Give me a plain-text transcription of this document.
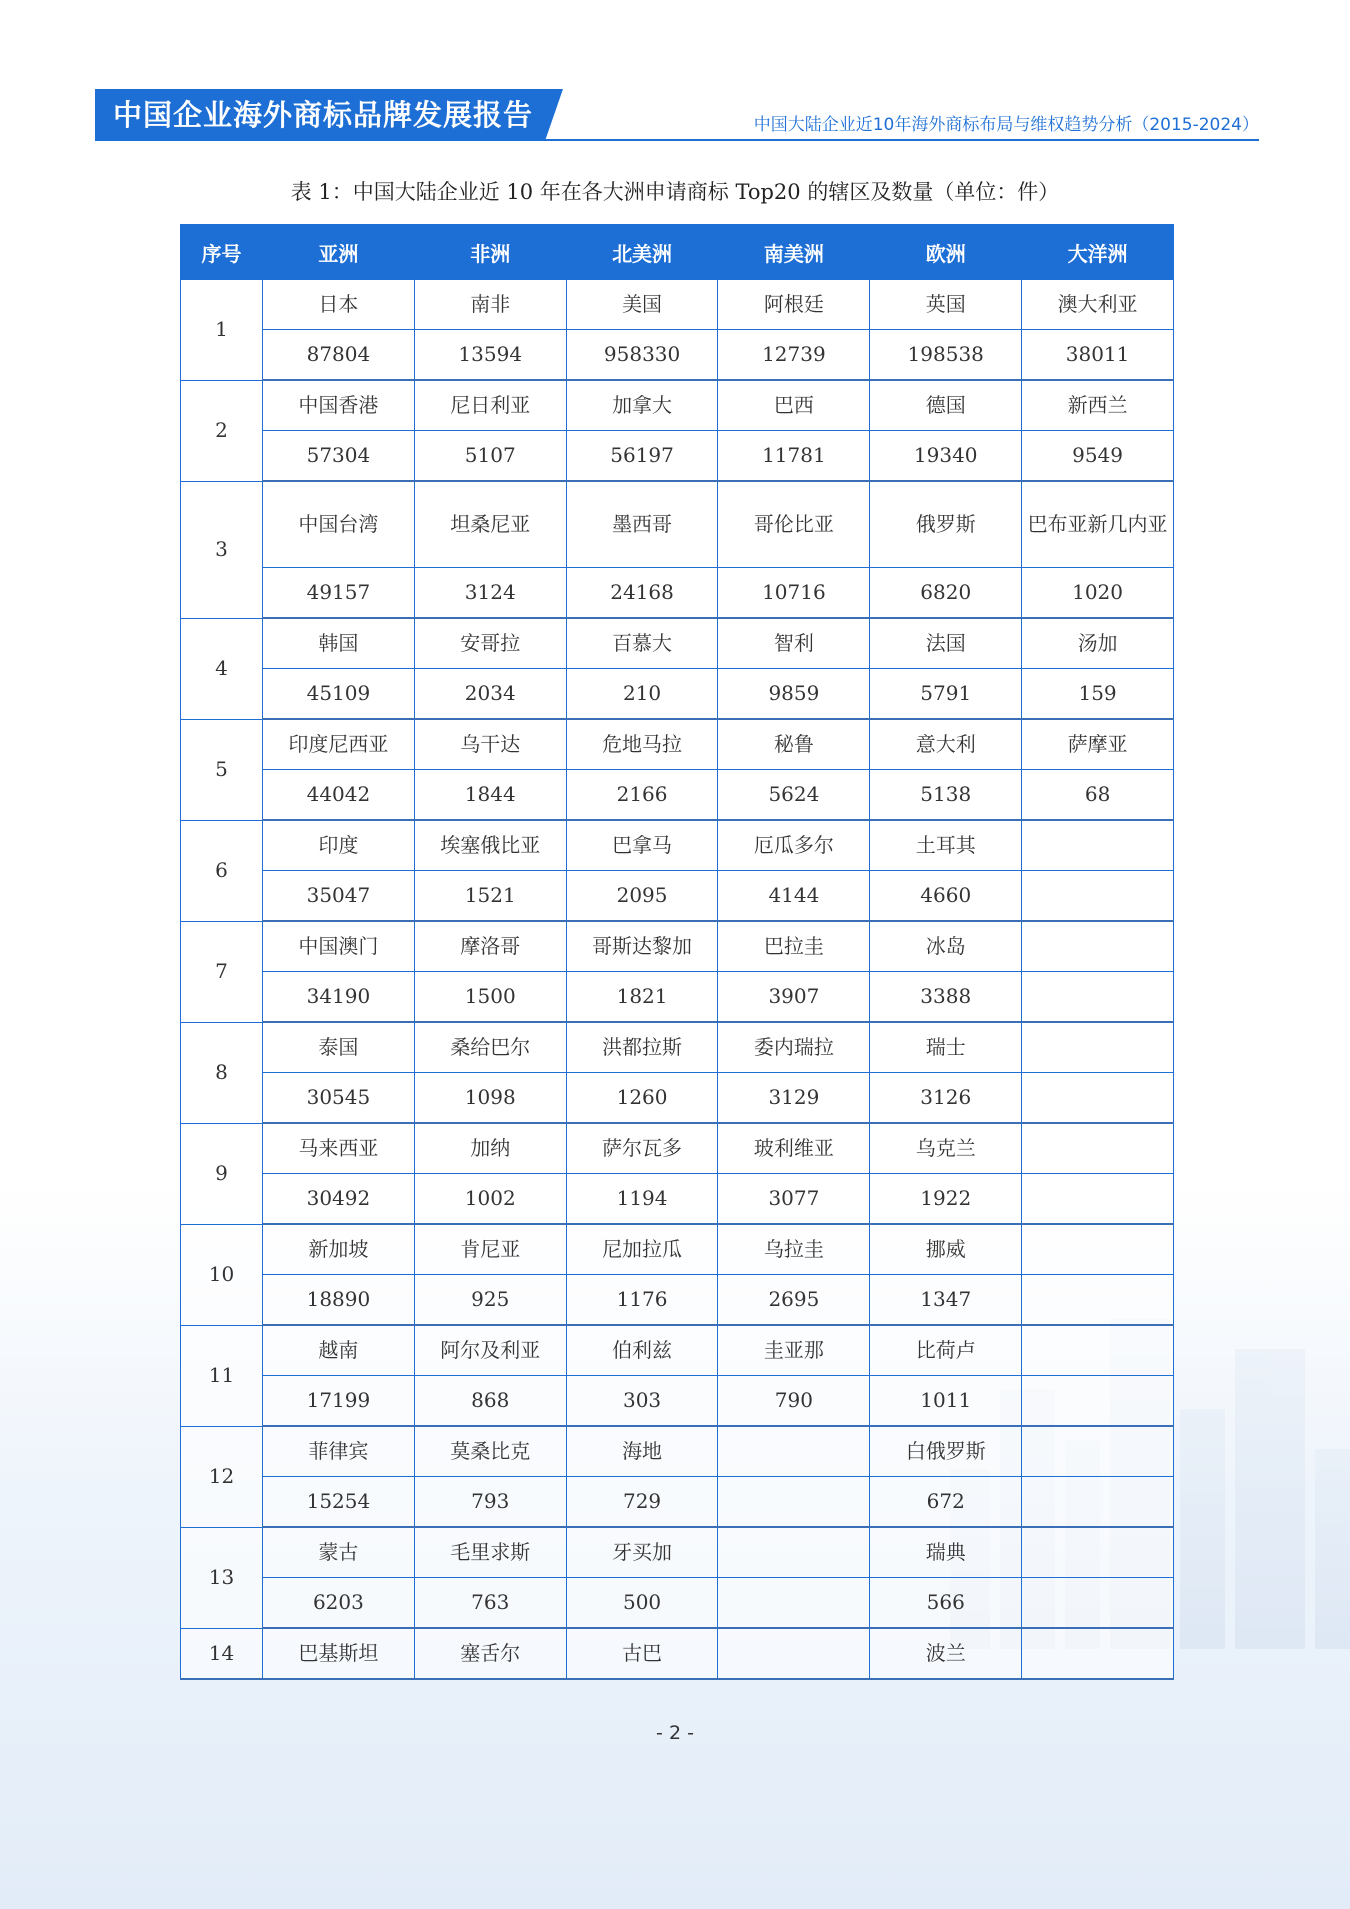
中国企业海外商标品牌发展报告	中国大陆企业近10年海外商标布局与维权趋势分析（2015-2024）
表 1：中国大陆企业近 10 年在各大洲申请商标 Top20 的辖区及数量（单位：件）
序号	亚洲	非洲	北美洲	南美洲	欧洲	大洋洲
1	日本	南非	美国	阿根廷	英国	澳大利亚
	87804	13594	958330	12739	198538	38011
2	中国香港	尼日利亚	加拿大	巴西	德国	新西兰
	57304	5107	56197	11781	19340	9549
3	中国台湾	坦桑尼亚	墨西哥	哥伦比亚	俄罗斯	巴布亚新几内亚
	49157	3124	24168	10716	6820	1020
4	韩国	安哥拉	百慕大	智利	法国	汤加
	45109	2034	210	9859	5791	159
5	印度尼西亚	乌干达	危地马拉	秘鲁	意大利	萨摩亚
	44042	1844	2166	5624	5138	68
6	印度	埃塞俄比亚	巴拿马	厄瓜多尔	土耳其	
	35047	1521	2095	4144	4660	
7	中国澳门	摩洛哥	哥斯达黎加	巴拉圭	冰岛	
	34190	1500	1821	3907	3388	
8	泰国	桑给巴尔	洪都拉斯	委内瑞拉	瑞士	
	30545	1098	1260	3129	3126	
9	马来西亚	加纳	萨尔瓦多	玻利维亚	乌克兰	
	30492	1002	1194	3077	1922	
10	新加坡	肯尼亚	尼加拉瓜	乌拉圭	挪威	
	18890	925	1176	2695	1347	
11	越南	阿尔及利亚	伯利兹	圭亚那	比荷卢	
	17199	868	303	790	1011	
12	菲律宾	莫桑比克	海地		白俄罗斯	
	15254	793	729		672	
13	蒙古	毛里求斯	牙买加		瑞典	
	6203	763	500		566	
14	巴基斯坦	塞舌尔	古巴		波兰	
- 2 -
